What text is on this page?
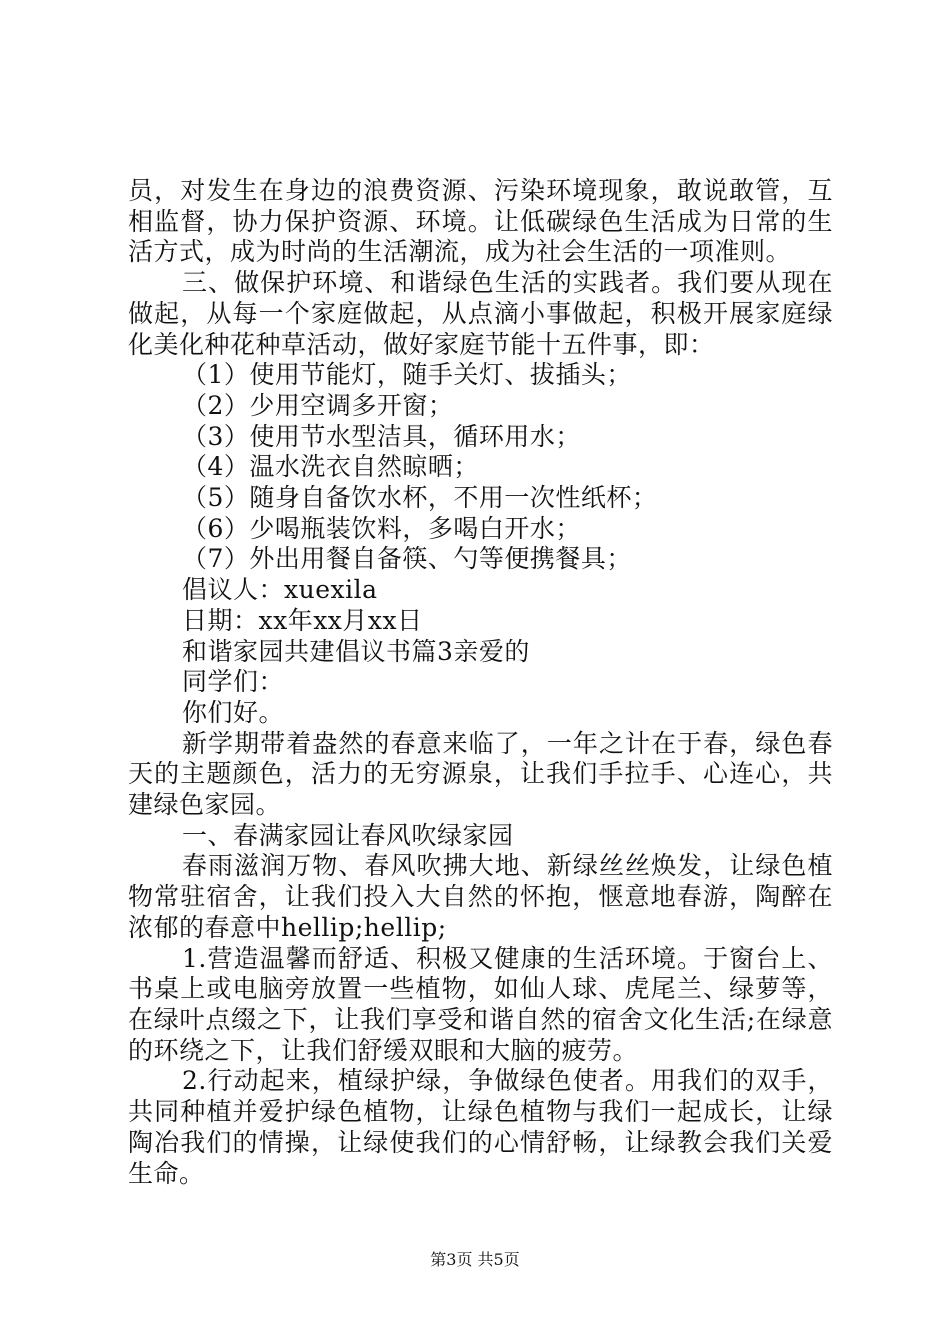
员，对发生在身边的浪费资源、污染环境现象，敢说敢管，互
相监督，协力保护资源、环境。让低碳绿色生活成为日常的生
活方式，成为时尚的生活潮流，成为社会生活的一项准则。
三、做保护环境、和谐绿色生活的实践者。我们要从现在
做起，从每一个家庭做起，从点滴小事做起，积极开展家庭绿
化美化种花种草活动，做好家庭节能十五件事，即：
（1）使用节能灯，随手关灯、拔插头；
（2）少用空调多开窗；
（3）使用节水型洁具，循环用水；
（4）温水洗衣自然晾晒；
（5）随身自备饮水杯，不用一次性纸杯；
（6）少喝瓶装饮料，多喝白开水；
（7）外出用餐自备筷、勺等便携餐具；
倡议人：xuexila
日期：xx年xx月xx日
和谐家园共建倡议书篇3亲爱的
同学们：
你们好。
新学期带着盎然的春意来临了，一年之计在于春，绿色春
天的主题颜色，活力的无穷源泉，让我们手拉手、心连心，共
建绿色家园。
一、春满家园让春风吹绿家园
春雨滋润万物、春风吹拂大地、新绿丝丝焕发，让绿色植
物常驻宿舍，让我们投入大自然的怀抱，惬意地春游，陶醉在
浓郁的春意中hellip;hellip;
1.营造温馨而舒适、积极又健康的生活环境。于窗台上、
书桌上或电脑旁放置一些植物，如仙人球、虎尾兰、绿萝等，
在绿叶点缀之下，让我们享受和谐自然的宿舍文化生活;在绿意
的环绕之下，让我们舒缓双眼和大脑的疲劳。
2.行动起来，植绿护绿，争做绿色使者。用我们的双手，
共同种植并爱护绿色植物，让绿色植物与我们一起成长，让绿
陶冶我们的情操，让绿使我们的心情舒畅，让绿教会我们关爱
生命。
第3页 共5页
